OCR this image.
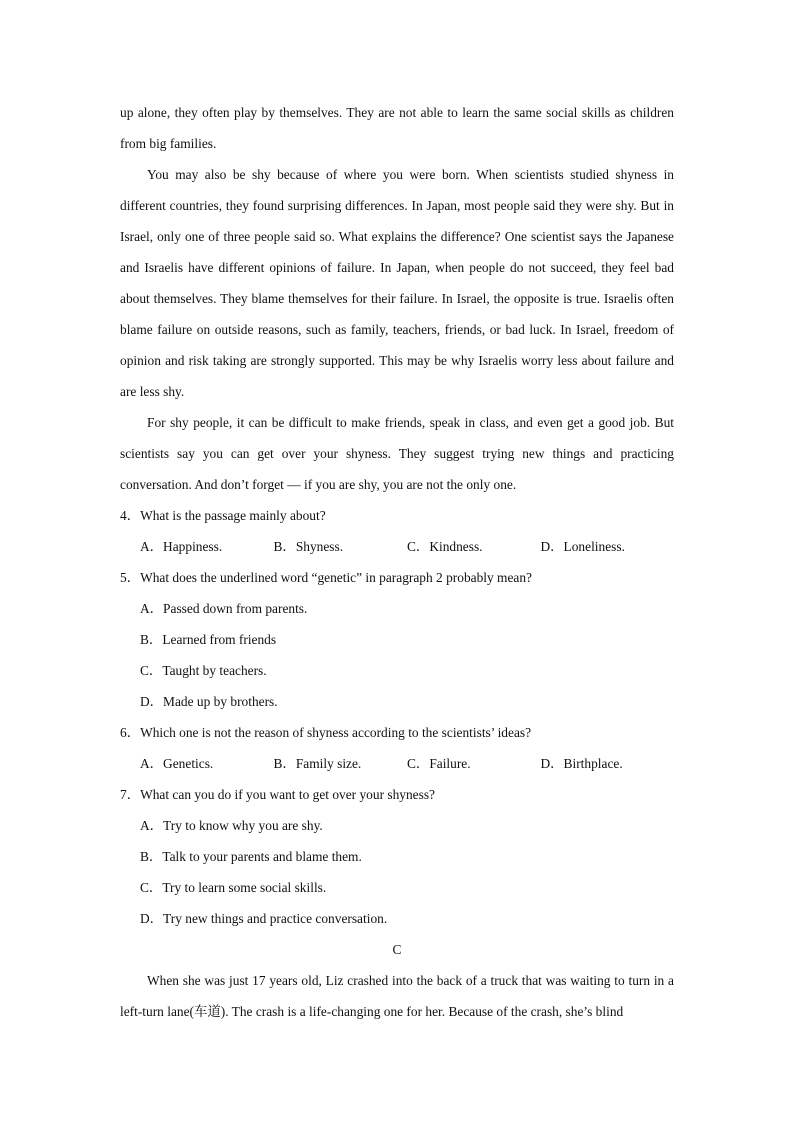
up alone, they often play by themselves. They are not able to learn the same social skills as children from big families.

You may also be shy because of where you were born. When scientists studied shyness in different countries, they found surprising differences. In Japan, most people said they were shy. But in Israel, only one of three people said so. What explains the difference? One scientist says the Japanese and Israelis have different opinions of failure. In Japan, when people do not succeed, they feel bad about themselves. They blame themselves for their failure. In Israel, the opposite is true. Israelis often blame failure on outside reasons, such as family, teachers, friends, or bad luck. In Israel, freedom of opinion and risk taking are strongly supported. This may be why Israelis worry less about failure and are less shy.

For shy people, it can be difficult to make friends, speak in class, and even get a good job. But scientists say you can get over your shyness. They suggest trying new things and practicing conversation. And don’t forget — if you are shy, you are not the only one.

4．What is the passage mainly about?
A．Happiness.	B．Shyness.	C．Kindness.	D．Loneliness.
5．What does the underlined word “genetic” in paragraph 2 probably mean?
A．Passed down from parents.
B．Learned from friends
C．Taught by teachers.
D．Made up by brothers.
6．Which one is not the reason of shyness according to the scientists’ ideas?
A．Genetics.	B．Family size.	C．Failure.	D．Birthplace.
7．What can you do if you want to get over your shyness?
A．Try to know why you are shy.
B．Talk to your parents and blame them.
C．Try to learn some social skills.
D．Try new things and practice conversation.
C

When she was just 17 years old, Liz crashed into the back of a truck that was waiting to turn in a left-turn lane(车道). The crash is a life-changing one for her. Because of the crash, she’s blind
